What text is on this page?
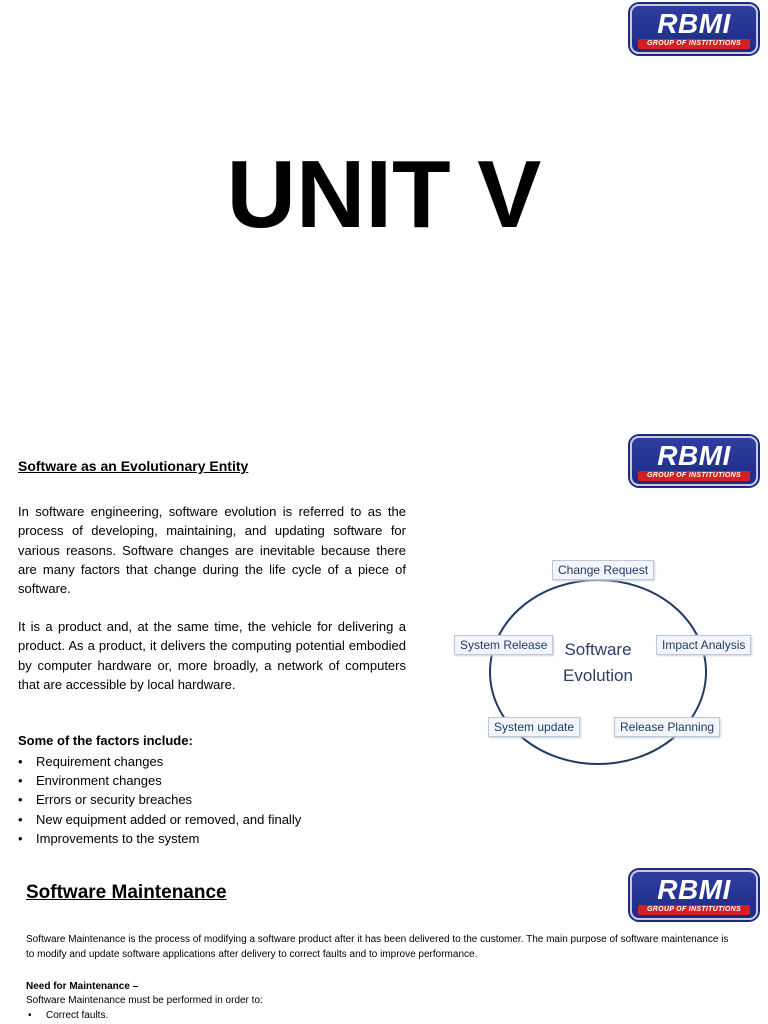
RBMI
GROUP OF INSTITUTIONS
UNIT V
RBMI
GROUP OF INSTITUTIONS
Software as an Evolutionary Entity
In software engineering, software evolution is referred to as the process of developing, maintaining, and updating software for various reasons. Software changes are inevitable because there are many factors that change during the life cycle of a piece of software.
It is a product and, at the same time, the vehicle for delivering a product. As a product, it delivers the computing potential embodied by computer hardware or, more broadly, a network of computers that are accessible by local hardware.
Some of the factors include:
• Requirement changes
• Environment changes
• Errors or security breaches
• New equipment added or removed, and finally
• Improvements to the system
Software
Evolution
Change Request
Impact Analysis
Release Planning
System update
System Release
RBMI
GROUP OF INSTITUTIONS
Software Maintenance
Software Maintenance is the process of modifying a software product after it has been delivered to the customer. The main purpose of software maintenance is to modify and update software applications after delivery to correct faults and to improve performance.
Need for Maintenance –
Software Maintenance must be performed in order to:
• Correct faults.
